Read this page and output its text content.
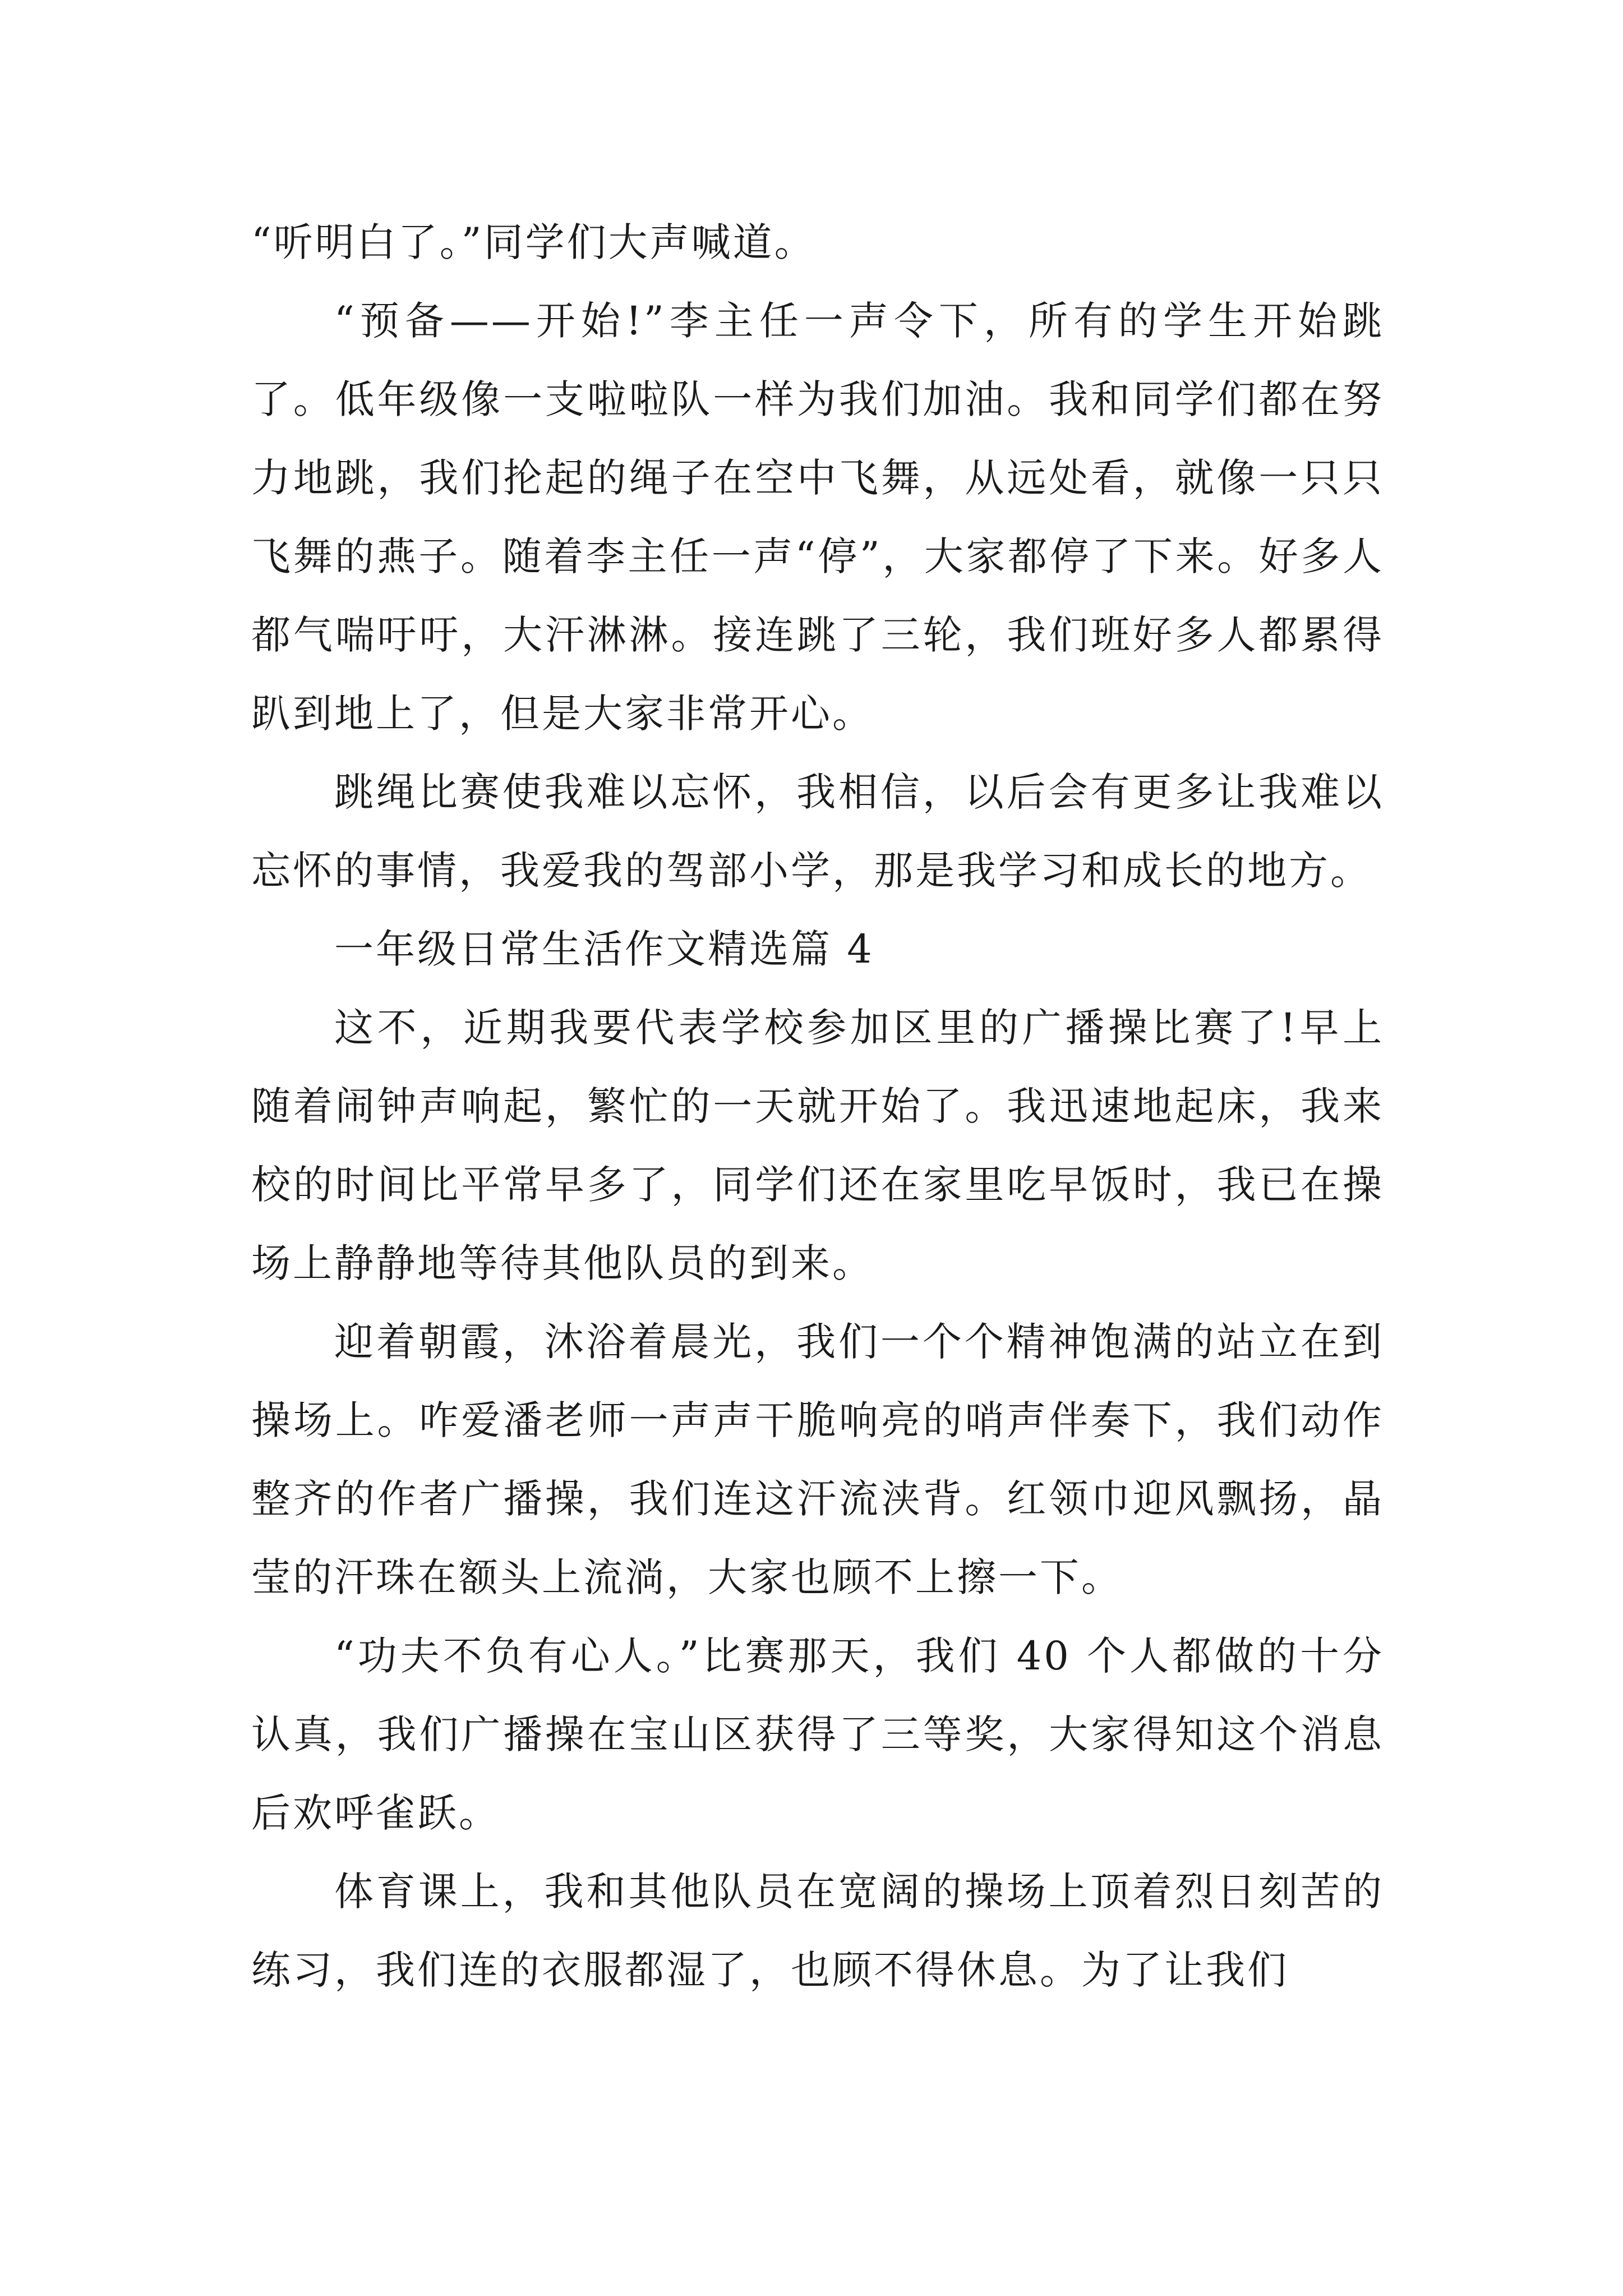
“听明白了。”同学们大声喊道。

“预备——开始!”李主任一声令下，所有的学生开始跳了。低年级像一支啦啦队一样为我们加油。我和同学们都在努力地跳，我们抡起的绳子在空中飞舞，从远处看，就像一只只飞舞的燕子。随着李主任一声“停”，大家都停了下来。好多人都气喘吁吁，大汗淋淋。接连跳了三轮，我们班好多人都累得趴到地上了，但是大家非常开心。

跳绳比赛使我难以忘怀，我相信，以后会有更多让我难以忘怀的事情，我爱我的驾部小学，那是我学习和成长的地方。

一年级日常生活作文精选篇 4

这不，近期我要代表学校参加区里的广播操比赛了!早上随着闹钟声响起，繁忙的一天就开始了。我迅速地起床，我来校的时间比平常早多了，同学们还在家里吃早饭时，我已在操场上静静地等待其他队员的到来。

迎着朝霞，沐浴着晨光，我们一个个精神饱满的站立在到操场上。咋爱潘老师一声声干脆响亮的哨声伴奏下，我们动作整齐的作者广播操，我们连这汗流浃背。红领巾迎风飘扬，晶莹的汗珠在额头上流淌，大家也顾不上擦一下。

“功夫不负有心人。”比赛那天，我们 40 个人都做的十分认真，我们广播操在宝山区获得了三等奖，大家得知这个消息后欢呼雀跃。

体育课上，我和其他队员在宽阔的操场上顶着烈日刻苦的练习，我们连的衣服都湿了，也顾不得休息。为了让我们
